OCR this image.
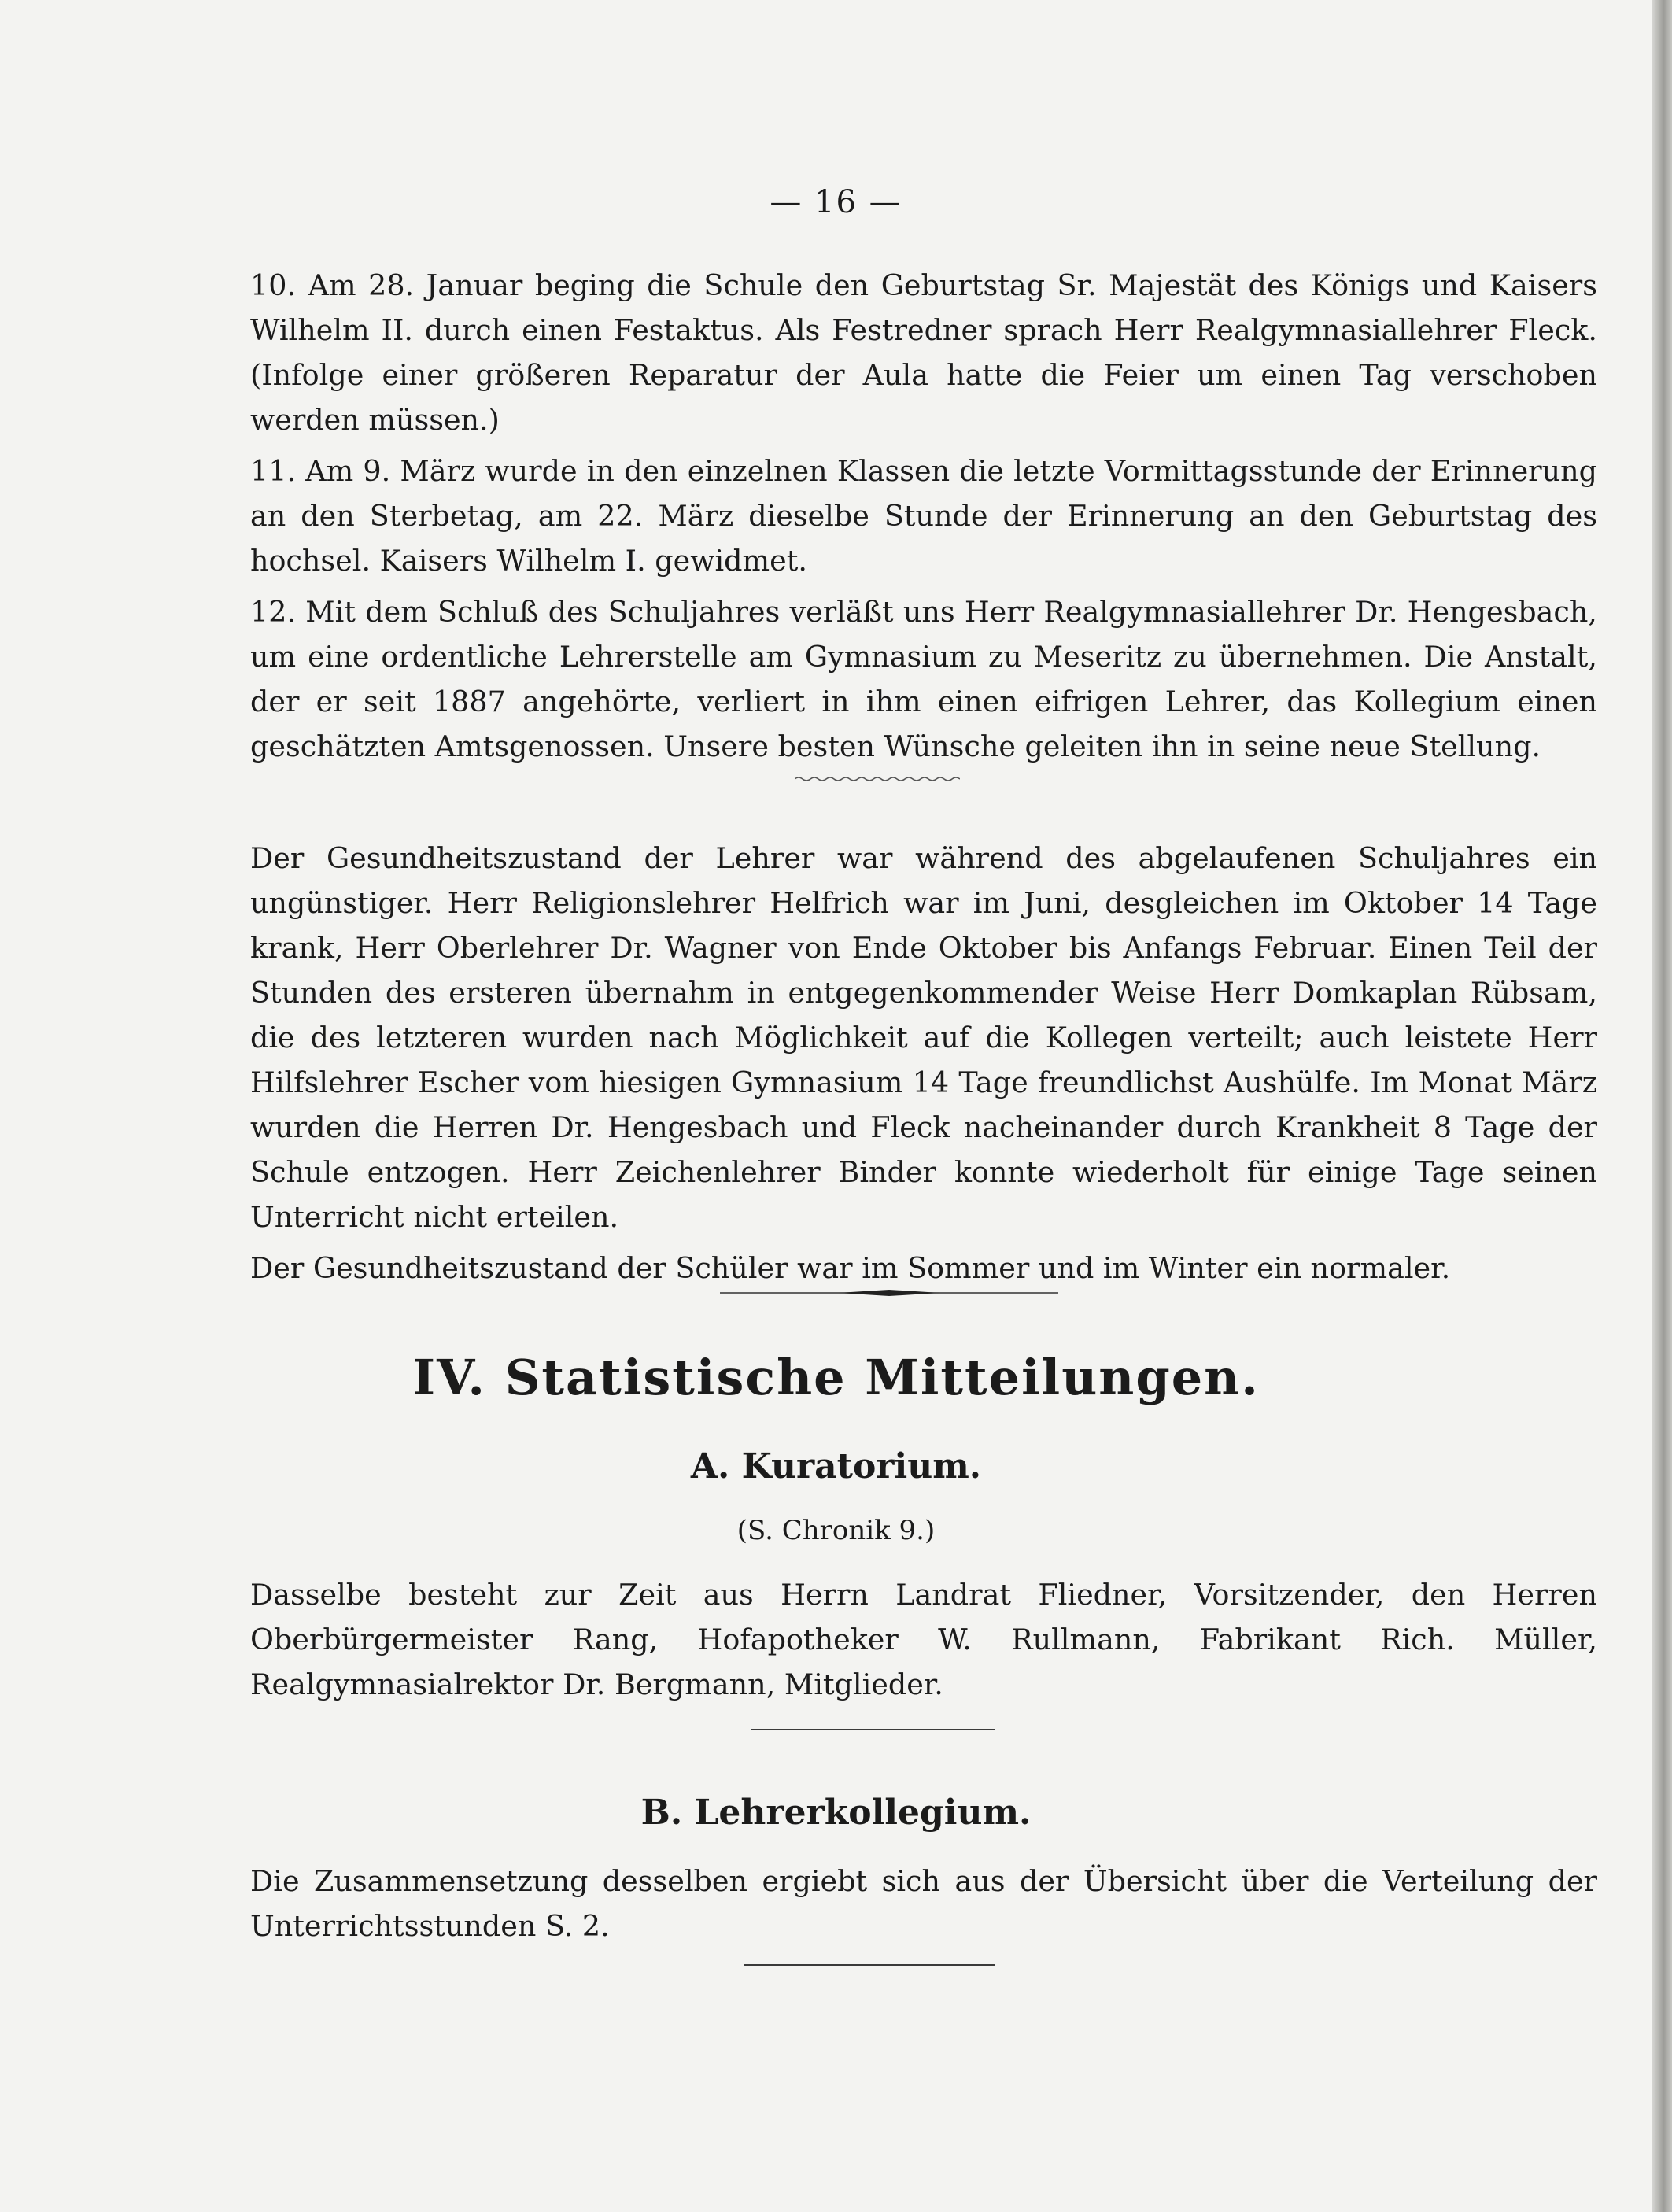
— 16 —

10. Am 28. Januar beging die Schule den Geburtstag Sr. Majestät des Königs und Kaisers Wilhelm II. durch einen Festaktus. Als Festredner sprach Herr Realgymnasiallehrer Fleck. (Infolge einer größeren Reparatur der Aula hatte die Feier um einen Tag verschoben werden müssen.)

11. Am 9. März wurde in den einzelnen Klassen die letzte Vormittagsstunde der Erinnerung an den Sterbetag, am 22. März dieselbe Stunde der Erinnerung an den Geburtstag des hochsel. Kaisers Wilhelm I. gewidmet.

12. Mit dem Schluß des Schuljahres verläßt uns Herr Realgymnasiallehrer Dr. Hengesbach, um eine ordentliche Lehrerstelle am Gymnasium zu Meseritz zu übernehmen. Die Anstalt, der er seit 1887 angehörte, verliert in ihm einen eifrigen Lehrer, das Kollegium einen geschätzten Amtsgenossen. Unsere besten Wünsche geleiten ihn in seine neue Stellung.

Der Gesundheitszustand der Lehrer war während des abgelaufenen Schuljahres ein ungünstiger. Herr Religionslehrer Helfrich war im Juni, desgleichen im Oktober 14 Tage krank, Herr Oberlehrer Dr. Wagner von Ende Oktober bis Anfangs Februar. Einen Teil der Stunden des ersteren übernahm in entgegenkommender Weise Herr Domkaplan Rübsam, die des letzteren wurden nach Möglichkeit auf die Kollegen verteilt; auch leistete Herr Hilfslehrer Escher vom hiesigen Gymnasium 14 Tage freundlichst Aushülfe. Im Monat März wurden die Herren Dr. Hengesbach und Fleck nacheinander durch Krankheit 8 Tage der Schule entzogen. Herr Zeichenlehrer Binder konnte wiederholt für einige Tage seinen Unterricht nicht erteilen.

Der Gesundheitszustand der Schüler war im Sommer und im Winter ein normaler.

IV. Statistische Mitteilungen.
A. Kuratorium.
(S. Chronik 9.)

Dasselbe besteht zur Zeit aus Herrn Landrat Fliedner, Vorsitzender, den Herren Oberbürgermeister Rang, Hofapotheker W. Rullmann, Fabrikant Rich. Müller, Realgymnasialrektor Dr. Bergmann, Mitglieder.

B. Lehrerkollegium.

Die Zusammensetzung desselben ergiebt sich aus der Übersicht über die Verteilung der Unterrichtsstunden S. 2.
